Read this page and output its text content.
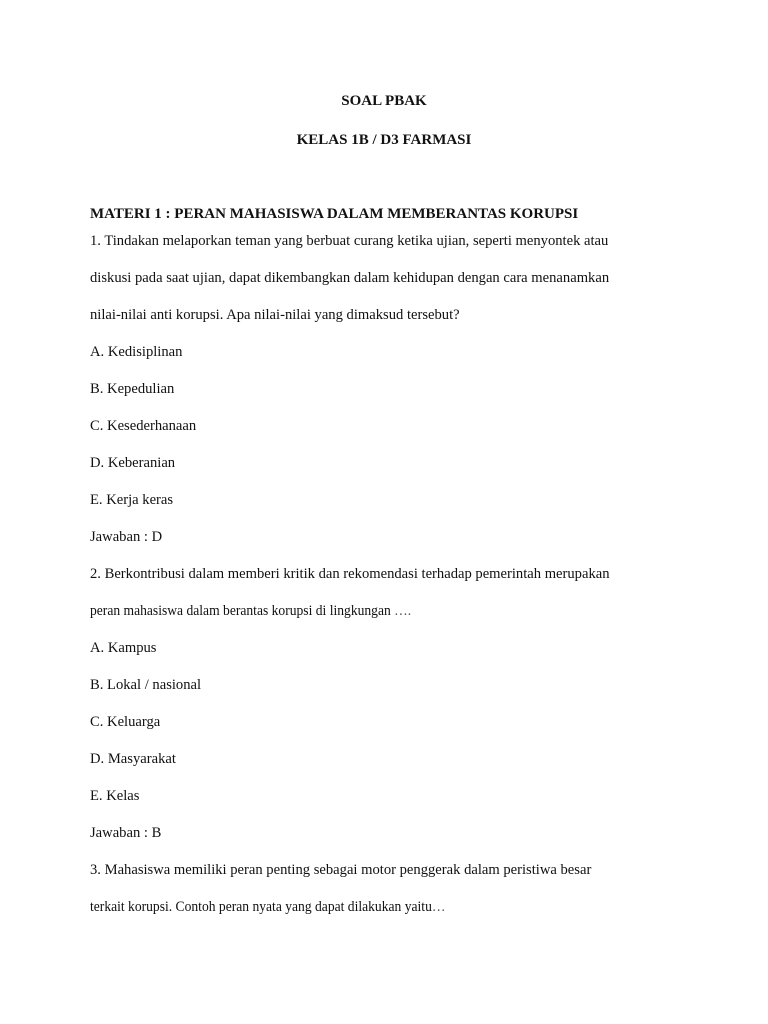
SOAL PBAK
KELAS 1B / D3 FARMASI
MATERI 1 : PERAN MAHASISWA DALAM MEMBERANTAS KORUPSI
1. Tindakan melaporkan teman yang berbuat curang ketika ujian, seperti menyontek atau
diskusi pada saat ujian, dapat dikembangkan dalam kehidupan dengan cara menanamkan
nilai-nilai anti korupsi. Apa nilai-nilai yang dimaksud tersebut?
A. Kedisiplinan
B. Kepedulian
C. Kesederhanaan
D. Keberanian
E. Kerja keras
Jawaban : D
2. Berkontribusi dalam memberi kritik dan rekomendasi terhadap pemerintah merupakan
peran mahasiswa dalam berantas korupsi di lingkungan ….
A. Kampus
B. Lokal / nasional
C. Keluarga
D. Masyarakat
E. Kelas
Jawaban : B
3. Mahasiswa memiliki peran penting sebagai motor penggerak dalam peristiwa besar
terkait korupsi. Contoh peran nyata yang dapat dilakukan yaitu…
